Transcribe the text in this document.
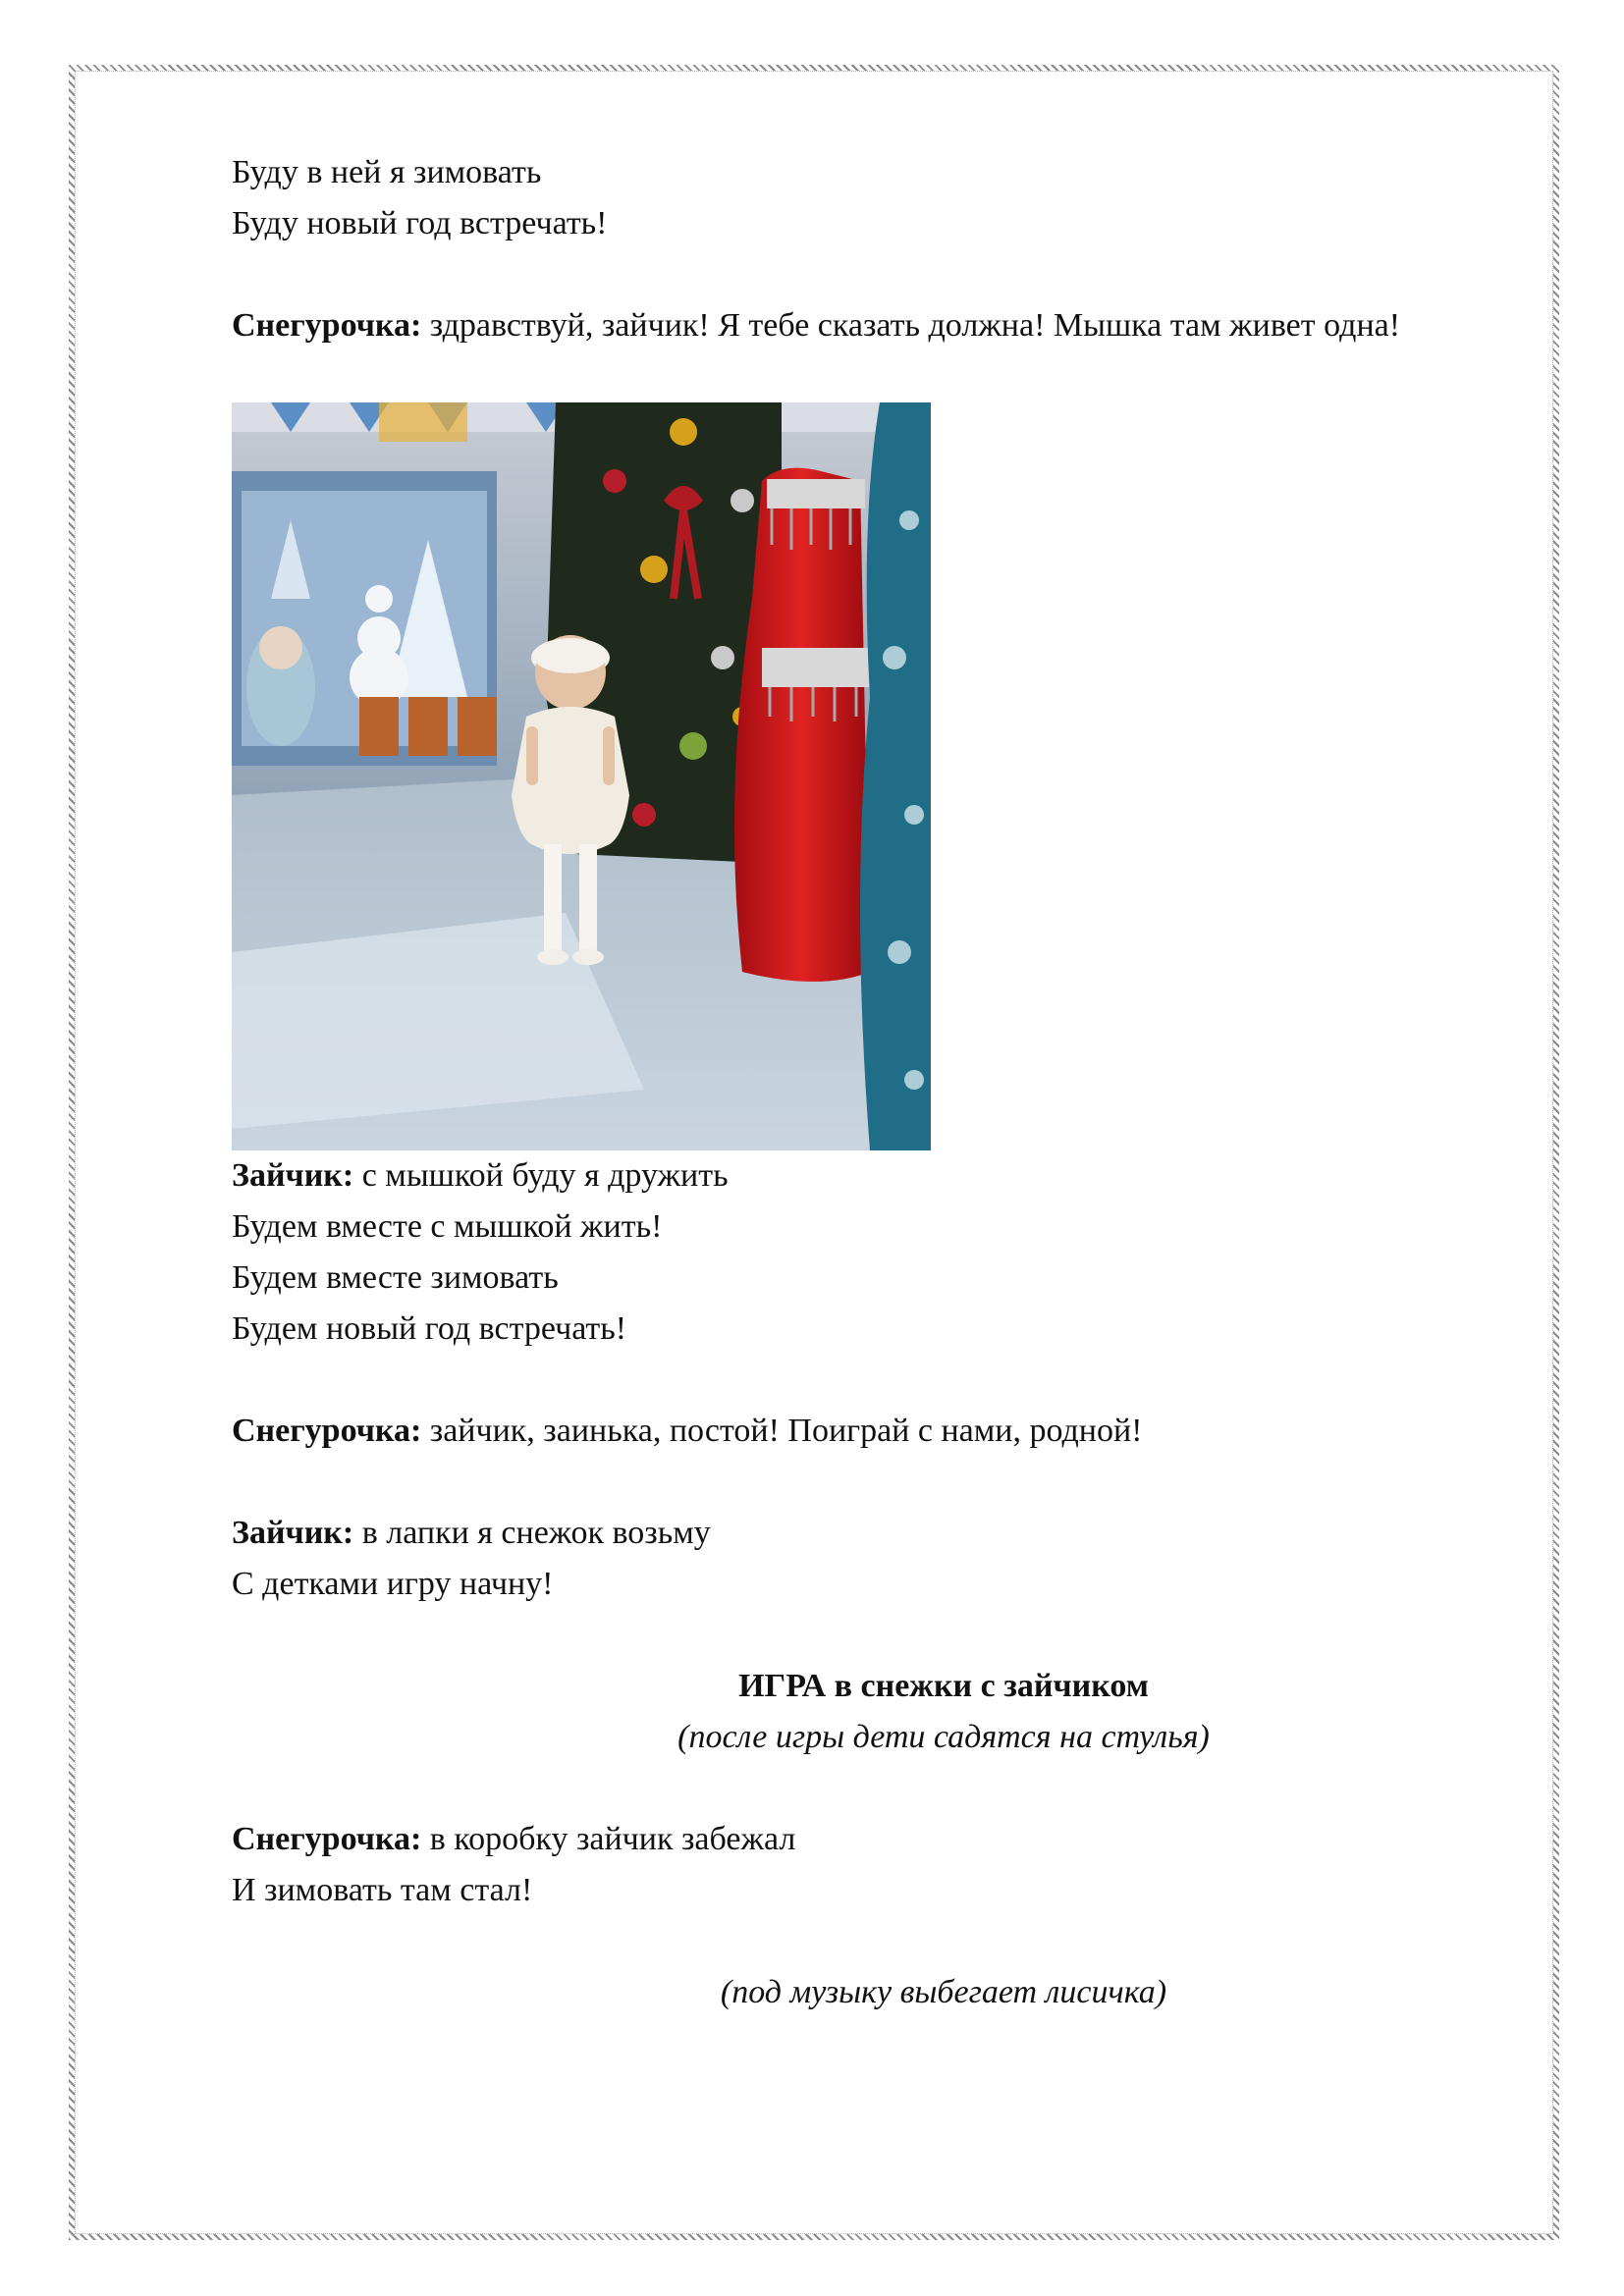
Буду в ней я зимовать

Буду новый год встречать!

Снегурочка: здравствуй, зайчик! Я тебе сказать должна! Мышка там живет одна!

Зайчик: с мышкой буду я дружить

Будем вместе с мышкой жить!

Будем вместе зимовать

Будем новый год встречать!

Снегурочка: зайчик, заинька, постой! Поиграй с нами, родной!

Зайчик: в лапки я снежок возьму

С детками игру начну!

ИГРА в снежки с зайчиком

(после игры дети садятся на стулья)

Снегурочка: в коробку зайчик забежал

И зимовать там стал!

(под музыку выбегает лисичка)
